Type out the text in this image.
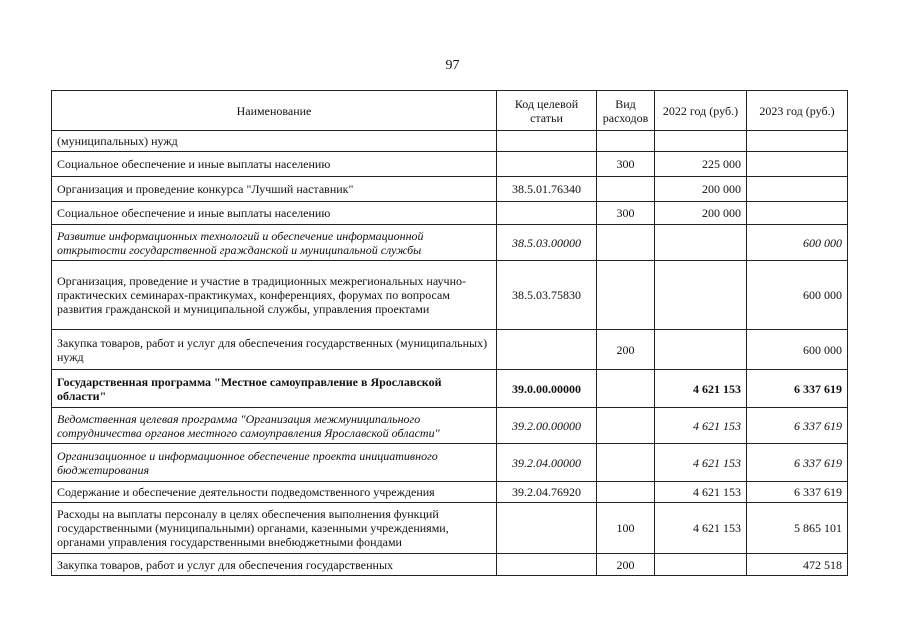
97
Наименование	Код целевой статьи	Вид расходов	2022 год (руб.)	2023 год (руб.)
(муниципальных) нужд				
Социальное обеспечение и иные выплаты населению		300	225 000	
Организация и проведение конкурса "Лучший наставник"	38.5.01.76340		200 000	
Социальное обеспечение и иные выплаты населению		300	200 000	
Развитие информационных технологий и обеспечение информационной открытости государственной гражданской и муниципальной службы	38.5.03.00000			600 000
Организация, проведение и участие в традиционных межрегиональных научно-практических семинарах-практикумах, конференциях, форумах по вопросам развития гражданской и муниципальной службы, управления проектами	38.5.03.75830			600 000
Закупка товаров, работ и услуг для обеспечения государственных (муниципальных) нужд		200		600 000
Государственная программа "Местное самоуправление в Ярославской области"	39.0.00.00000		4 621 153	6 337 619
Ведомственная целевая программа "Организация межмуниципального сотрудничества органов местного самоуправления Ярославской области"	39.2.00.00000		4 621 153	6 337 619
Организационное и информационное обеспечение проекта инициативного бюджетирования	39.2.04.00000		4 621 153	6 337 619
Содержание и обеспечение деятельности подведомственного учреждения	39.2.04.76920		4 621 153	6 337 619
Расходы на выплаты персоналу в целях обеспечения выполнения функций государственными (муниципальными) органами, казенными учреждениями, органами управления государственными внебюджетными фондами		100	4 621 153	5 865 101
Закупка товаров, работ и услуг для обеспечения государственных		200		472 518
